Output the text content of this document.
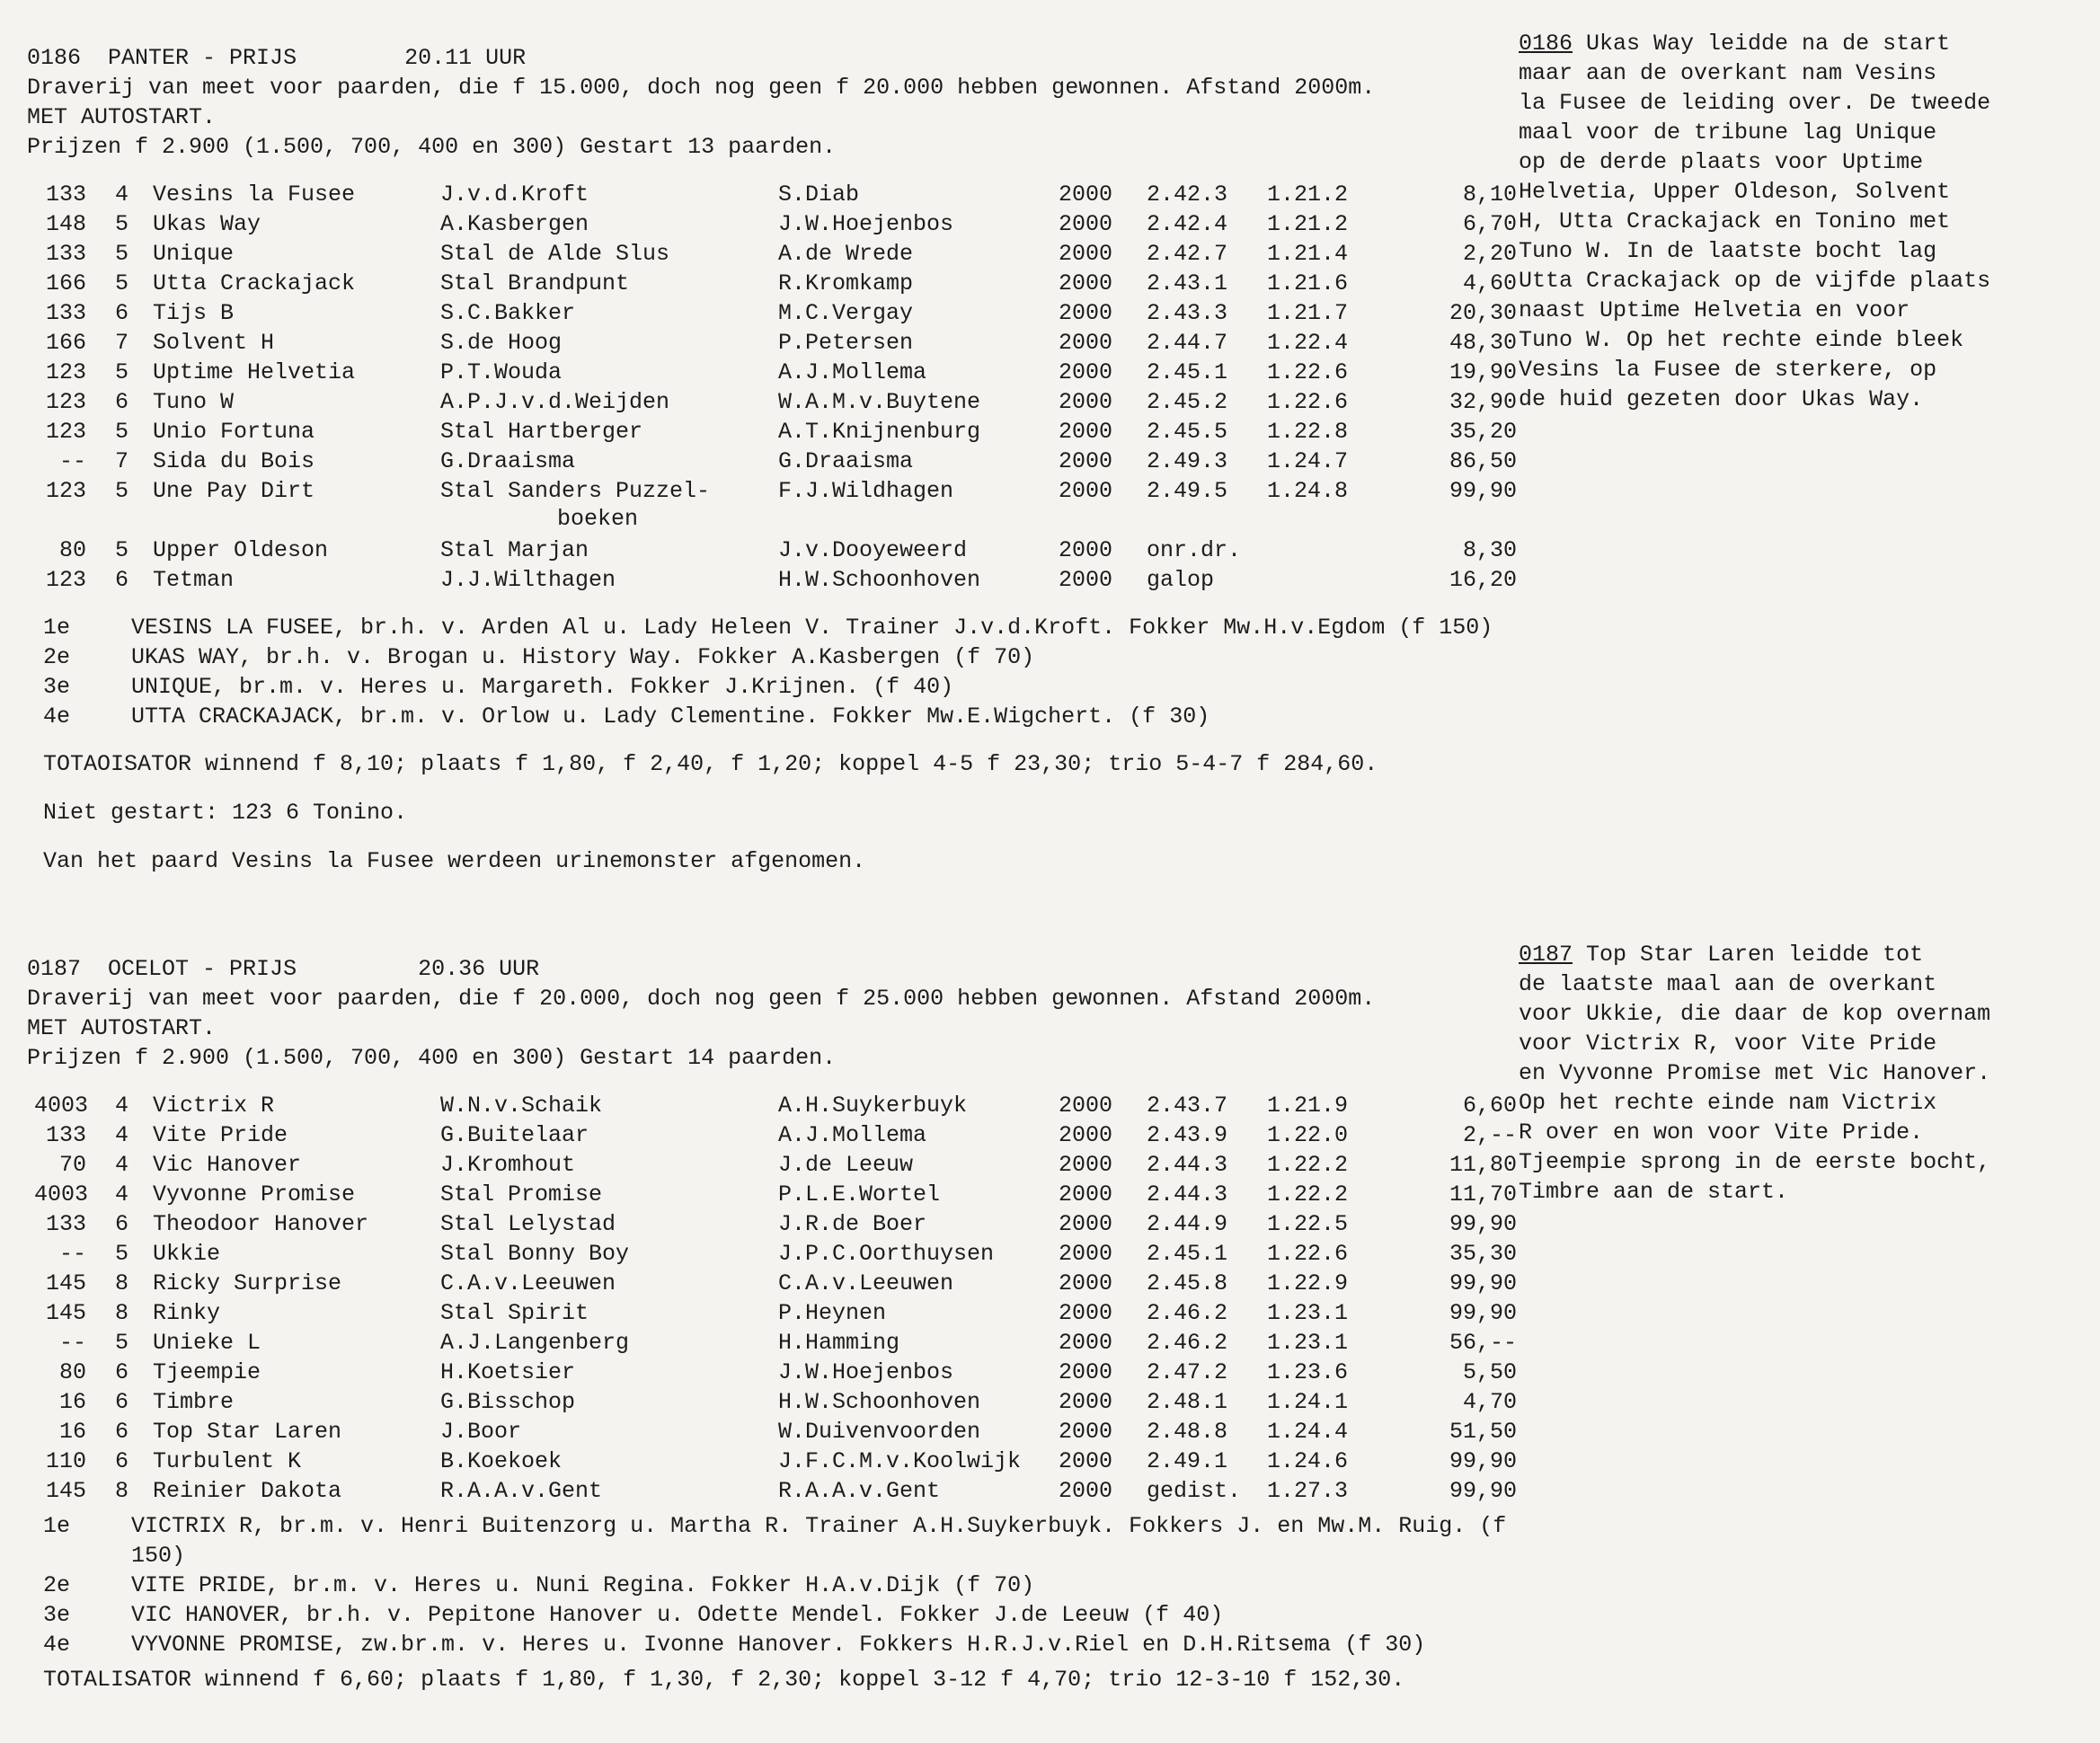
0186 PANTER - PRIJS	20.11 UUR
Draverij van meet voor paarden, die f 15.000, doch nog geen f 20.000 hebben gewonnen. Afstand 2000m.
MET AUTOSTART.
Prijzen f 2.900 (1.500, 700, 400 en 300) Gestart 13 paarden.
133 4 Vesins la Fusee	J.v.d.Kroft	S.Diab	2000 2.42.3 1.21.2	8,10
148 5 Ukas Way	A.Kasbergen	J.W.Hoejenbos	2000 2.42.4 1.21.2	6,70
133 5 Unique	Stal de Alde Slus	A.de Wrede	2000 2.42.7 1.21.4	2,20
166 5 Utta Crackajack	Stal Brandpunt	R.Kromkamp	2000 2.43.1 1.21.6	4,60
133 6 Tijs B	S.C.Bakker	M.C.Vergay	2000 2.43.3 1.21.7	20,30
166 7 Solvent H	S.de Hoog	P.Petersen	2000 2.44.7 1.22.4	48,30
123 5 Uptime Helvetia	P.T.Wouda	A.J.Mollema	2000 2.45.1 1.22.6	19,90
123 6 Tuno W	A.P.J.v.d.Weijden	W.A.M.v.Buytene	2000 2.45.2 1.22.6	32,90
123 5 Unio Fortuna	Stal Hartberger	A.T.Knijnenburg	2000 2.45.5 1.22.8	35,20
-- 7 Sida du Bois	G.Draaisma	G.Draaisma	2000 2.49.3 1.24.7	86,50
123 5 Une Pay Dirt	Stal Sanders Puzzel-	F.J.Wildhagen	2000 2.49.5 1.24.8	99,90
boeken
80 5 Upper Oldeson	Stal Marjan	J.v.Dooyeweerd	2000 onr.dr.	8,30
123 6 Tetman	J.J.Wilthagen	H.W.Schoonhoven	2000 galop	16,20
1e	VESINS LA FUSEE, br.h. v. Arden Al u. Lady Heleen V. Trainer J.v.d.Kroft. Fokker Mw.H.v.Egdom (f 150)
2e	UKAS WAY, br.h. v. Brogan u. History Way. Fokker A.Kasbergen (f 70)
3e	UNIQUE, br.m. v. Heres u. Margareth. Fokker J.Krijnen. (f 40)
4e	UTTA CRACKAJACK, br.m. v. Orlow u. Lady Clementine. Fokker Mw.E.Wigchert. (f 30)
TOTAOISATOR winnend f 8,10; plaats f 1,80, f 2,40, f 1,20; koppel 4-5 f 23,30; trio 5-4-7 f 284,60.
Niet gestart: 123 6 Tonino.
Van het paard Vesins la Fusee werdeen urinemonster afgenomen.
0186 Ukas Way leidde na de start
maar aan de overkant nam Vesins
la Fusee de leiding over. De tweede
maal voor de tribune lag Unique
op de derde plaats voor Uptime
Helvetia, Upper Oldeson, Solvent
H, Utta Crackajack en Tonino met
Tuno W. In de laatste bocht lag
Utta Crackajack op de vijfde plaats
naast Uptime Helvetia en voor
Tuno W. Op het rechte einde bleek
Vesins la Fusee de sterkere, op
de huid gezeten door Ukas Way.
0187 OCELOT - PRIJS	20.36 UUR
Draverij van meet voor paarden, die f 20.000, doch nog geen f 25.000 hebben gewonnen. Afstand 2000m.
MET AUTOSTART.
Prijzen f 2.900 (1.500, 700, 400 en 300) Gestart 14 paarden.
4003 4 Victrix R	W.N.v.Schaik	A.H.Suykerbuyk	2000 2.43.7 1.21.9	6,60
133 4 Vite Pride	G.Buitelaar	A.J.Mollema	2000 2.43.9 1.22.0	2,--
70 4 Vic Hanover	J.Kromhout	J.de Leeuw	2000 2.44.3 1.22.2	11,80
4003 4 Vyvonne Promise	Stal Promise	P.L.E.Wortel	2000 2.44.3 1.22.2	11,70
133 6 Theodoor Hanover	Stal Lelystad	J.R.de Boer	2000 2.44.9 1.22.5	99,90
-- 5 Ukkie	Stal Bonny Boy	J.P.C.Oorthuysen	2000 2.45.1 1.22.6	35,30
145 8 Ricky Surprise	C.A.v.Leeuwen	C.A.v.Leeuwen	2000 2.45.8 1.22.9	99,90
145 8 Rinky	Stal Spirit	P.Heynen	2000 2.46.2 1.23.1	99,90
-- 5 Unieke L	A.J.Langenberg	H.Hamming	2000 2.46.2 1.23.1	56,--
80 6 Tjeempie	H.Koetsier	J.W.Hoejenbos	2000 2.47.2 1.23.6	5,50
16 6 Timbre	G.Bisschop	H.W.Schoonhoven	2000 2.48.1 1.24.1	4,70
16 6 Top Star Laren	J.Boor	W.Duivenvoorden	2000 2.48.8 1.24.4	51,50
110 6 Turbulent K	B.Koekoek	J.F.C.M.v.Koolwijk 2000 2.49.1 1.24.6	99,90
145 8 Reinier Dakota	R.A.A.v.Gent	R.A.A.v.Gent	2000 gedist. 1.27.3	99,90
1e	VICTRIX R, br.m. v. Henri Buitenzorg u. Martha R. Trainer A.H.Suykerbuyk. Fokkers J. en Mw.M. Ruig. (f 150)
2e	VITE PRIDE, br.m. v. Heres u. Nuni Regina. Fokker H.A.v.Dijk (f 70)
3e	VIC HANOVER, br.h. v. Pepitone Hanover u. Odette Mendel. Fokker J.de Leeuw (f 40)
4e	VYVONNE PROMISE, zw.br.m. v. Heres u. Ivonne Hanover. Fokkers H.R.J.v.Riel en D.H.Ritsema (f 30)
TOTALISATOR winnend f 6,60; plaats f 1,80, f 1,30, f 2,30; koppel 3-12 f 4,70; trio 12-3-10 f 152,30.
0187 Top Star Laren leidde tot
de laatste maal aan de overkant
voor Ukkie, die daar de kop overnam
voor Victrix R, voor Vite Pride
en Vyvonne Promise met Vic Hanover.
Op het rechte einde nam Victrix
R over en won voor Vite Pride.
Tjeempie sprong in de eerste bocht,
Timbre aan de start.
